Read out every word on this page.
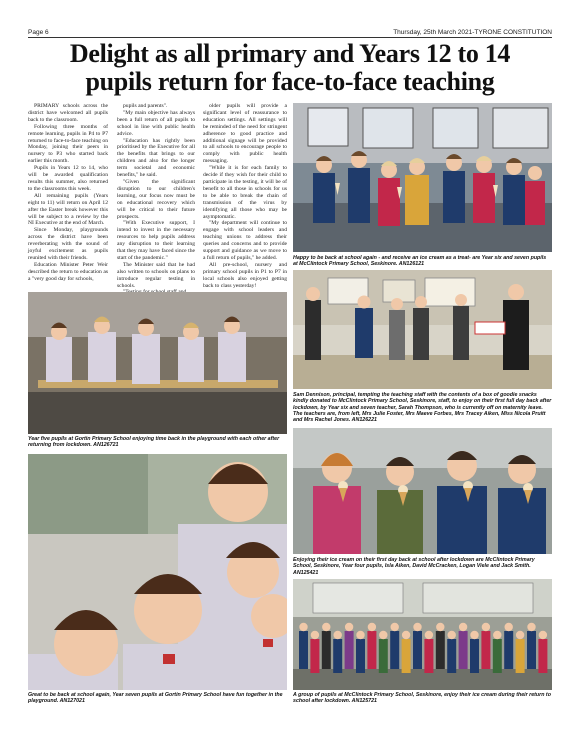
Page 6	Thursday, 25th March 2021-TYRONE CONSTITUTION
Delight as all primary and Years 12 to 14
pupils return for face-to-face teaching

PRIMARY schools across the district have welcomed all pupils back to the classroom.

Following three months of remote learning, pupils in P4 to P7 returned to face-to-face teaching on Monday, joining their peers in nursery to P3 who started back earlier this month.

Pupils in Years 12 to 14, who will be awarded qualification results this summer, also returned to the classrooms this week.

All remaining pupils (Years eight to 11) will return on April 12 after the Easter break however this will be subject to a review by the NI Executive at the end of March.

Since Monday, playgrounds across the district have been reverberating with the sound of joyful excitement as pupils reunited with their friends.

Education Minister Peter Weir described the return to education as a "very good day for schools,

pupils and parents".

"My main objective has always been a full return of all pupils to school in line with public health advice.

"Education has rightly been prioritised by the Executive for all the benefits that brings to our children and also for the longer term societal and economic benefits," he said.

"Given the significant disruption to our children's learning, our focus now must be on educational recovery which will be critical to their future prospects.

"With Executive support, I intend to invest in the necessary resources to help pupils address any disruption to their learning that they may have faced since the start of the pandemic."

The Minister said that he had also written to schools on plans to introduce regular testing in schools.

older pupils will provide a significant level of reassurance to education settings. All settings will be reminded of the need for stringent adherence to good practice and additional signage will be provided to all schools to encourage people to comply with public health messaging.

"While it is for each family to decide if they wish for their child to participate in the testing, it will be of benefit to all those in schools for us to be able to break the chain of transmission of the virus by identifying all those who may be asymptomatic.

"My department will continue to engage with school leaders and teaching unions to address their queries and concerns and to provide support and guidance as we move to a full return of pupils," he added.

All pre-school, nursery and primary school pupils in P1 to P7 in local schools also enjoyed getting back to class yesterday!

Happy to be back at school again - and receive an ice cream as a treat- are Year six and seven pupils at McClintock Primary School, Seskinore. AN126121
Sam Dennison, principal, tempting the teaching staff with the contents of a box of goodie snacks kindly donated to McClintock Primary School, Seskinore, staff, to enjoy on their first full day back after lockdown, by Year six and seven teacher, Sarah Thompson, who is currently off on maternity leave. The teachers are, from left, Mrs Julie Foster, Mrs Maeve Forbes, Mrs Tracey Aiken, Miss Nicola Pruitt and Mrs Rachel Jones. AN126221
Year five pupils at Gortin Primary School enjoying time back in the playground with each other after returning from lockdown. AN126721
Enjoying their ice cream on their first day back at school after lockdown are McClintock Primary School, Seskinore, Year four pupils, Isla Aiken, David McCracken, Logan Viele and Jack Smith. AN125421
Great to be back at school again, Year seven pupils at Gortin Primary School have fun together in the playground. AN127021
A group of pupils at McClintock Primary School, Seskinore, enjoy their ice cream during their return to school after lockdown. AN125721
